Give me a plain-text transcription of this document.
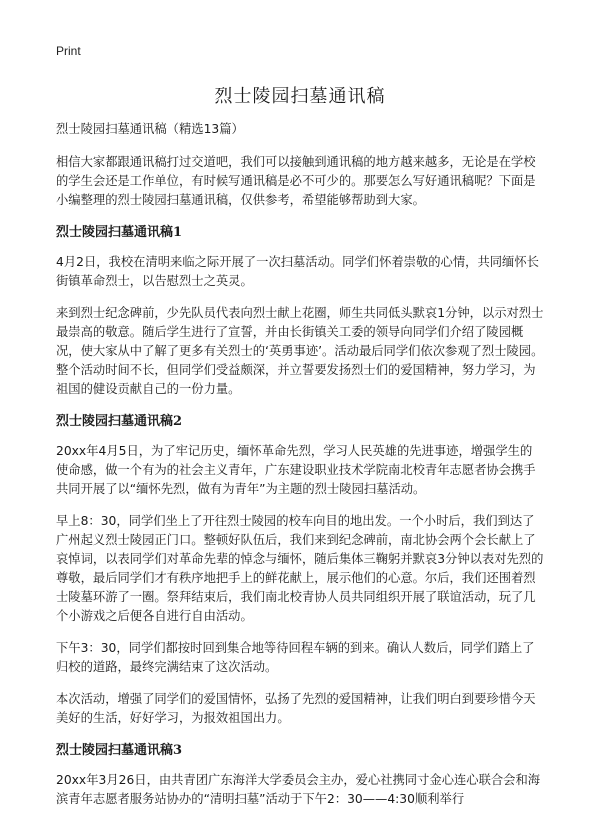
Print
烈士陵园扫墓通讯稿

烈士陵园扫墓通讯稿（精选13篇）

相信大家都跟通讯稿打过交道吧，我们可以接触到通讯稿的地方越来越多，无论是在学校的学生会还是工作单位，有时候写通讯稿是必不可少的。那要怎么写好通讯稿呢？下面是小编整理的烈士陵园扫墓通讯稿，仅供参考，希望能够帮助到大家。

烈士陵园扫墓通讯稿1

4月2日，我校在清明来临之际开展了一次扫墓活动。同学们怀着崇敬的心情，共同缅怀长街镇革命烈士，以告慰烈士之英灵。

来到烈士纪念碑前，少先队员代表向烈士献上花圈，师生共同低头默哀1分钟，以示对烈士最崇高的敬意。随后学生进行了宣誓，并由长街镇关工委的领导向同学们介绍了陵园概况，使大家从中了解了更多有关烈士的‘英勇事迹’。活动最后同学们依次参观了烈士陵园。整个活动时间不长，但同学们受益颇深，并立誓要发扬烈士们的爱国精神，努力学习，为祖国的健设贡献自己的一份力量。

烈士陵园扫墓通讯稿2

20xx年4月5日，为了牢记历史，缅怀革命先烈，学习人民英雄的先进事迹，增强学生的使命感，做一个有为的社会主义青年，广东建设职业技术学院南北校青年志愿者协会携手共同开展了以“缅怀先烈，做有为青年”为主题的烈士陵园扫墓活动。

早上8：30，同学们坐上了开往烈士陵园的校车向目的地出发。一个小时后，我们到达了广州起义烈士陵园正门口。整顿好队伍后，我们来到纪念碑前，南北协会两个会长献上了哀悼词，以表同学们对革命先辈的悼念与缅怀，随后集体三鞠躬并默哀3分钟以表对先烈的尊敬，最后同学们才有秩序地把手上的鲜花献上，展示他们的心意。尔后，我们还围着烈士陵墓环游了一圈。祭拜结束后，我们南北校青协人员共同组织开展了联谊活动，玩了几个小游戏之后便各自进行自由活动。

下午3：30，同学们都按时回到集合地等待回程车辆的到来。确认人数后，同学们踏上了归校的道路，最终完满结束了这次活动。

本次活动，增强了同学们的爱国情怀，弘扬了先烈的爱国精神，让我们明白到要珍惜今天美好的生活，好好学习，为报效祖国出力。

烈士陵园扫墓通讯稿3

20xx年3月26日，由共青团广东海洋大学委员会主办，爱心社携同寸金心连心联合会和海滨青年志愿者服务站协办的“清明扫墓”活动于下午2：30——4:30顺利举行
